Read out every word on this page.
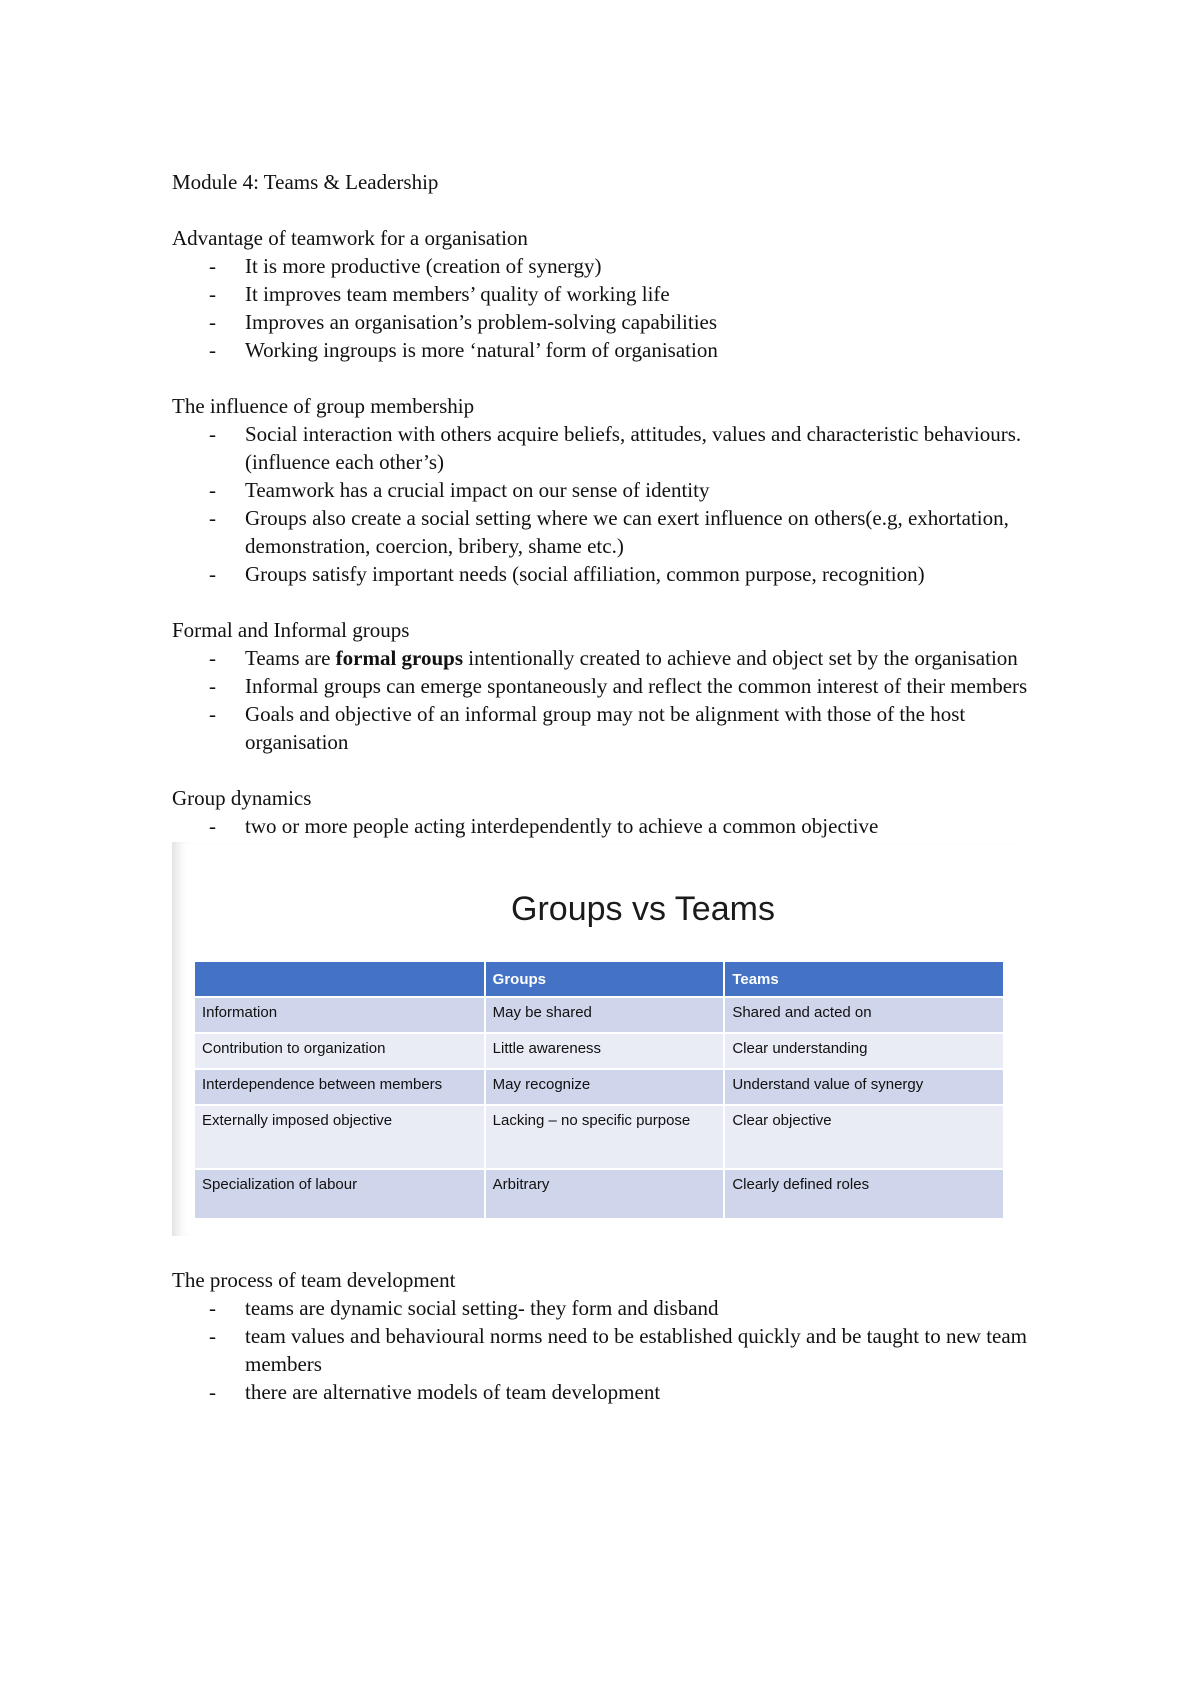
Module 4: Teams & Leadership
Advantage of teamwork for a organisation
- It is more productive (creation of synergy)
- It improves team members’ quality of working life
- Improves an organisation’s problem-solving capabilities
- Working ingroups is more ‘natural’ form of organisation
The influence of group membership
- Social interaction with others acquire beliefs, attitudes, values and characteristic behaviours. (influence each other’s)
- Teamwork has a crucial impact on our sense of identity
- Groups also create a social setting where we can exert influence on others(e.g, exhortation, demonstration, coercion, bribery, shame etc.)
- Groups satisfy important needs (social affiliation, common purpose, recognition)
Formal and Informal groups
- Teams are formal groups intentionally created to achieve and object set by the organisation
- Informal groups can emerge spontaneously and reflect the common interest of their members
- Goals and objective of an informal group may not be alignment with those of the host organisation
Group dynamics
- two or more people acting interdependently to achieve a common objective
Groups vs Teams
	Groups	Teams
Information	May be shared	Shared and acted on
Contribution to organization	Little awareness	Clear understanding
Interdependence between members	May recognize	Understand value of synergy
Externally imposed objective	Lacking – no specific purpose	Clear objective
Specialization of labour	Arbitrary	Clearly defined roles
The process of team development
- teams are dynamic social setting- they form and disband
- team values and behavioural norms need to be established quickly and be taught to new team members
- there are alternative models of team development
